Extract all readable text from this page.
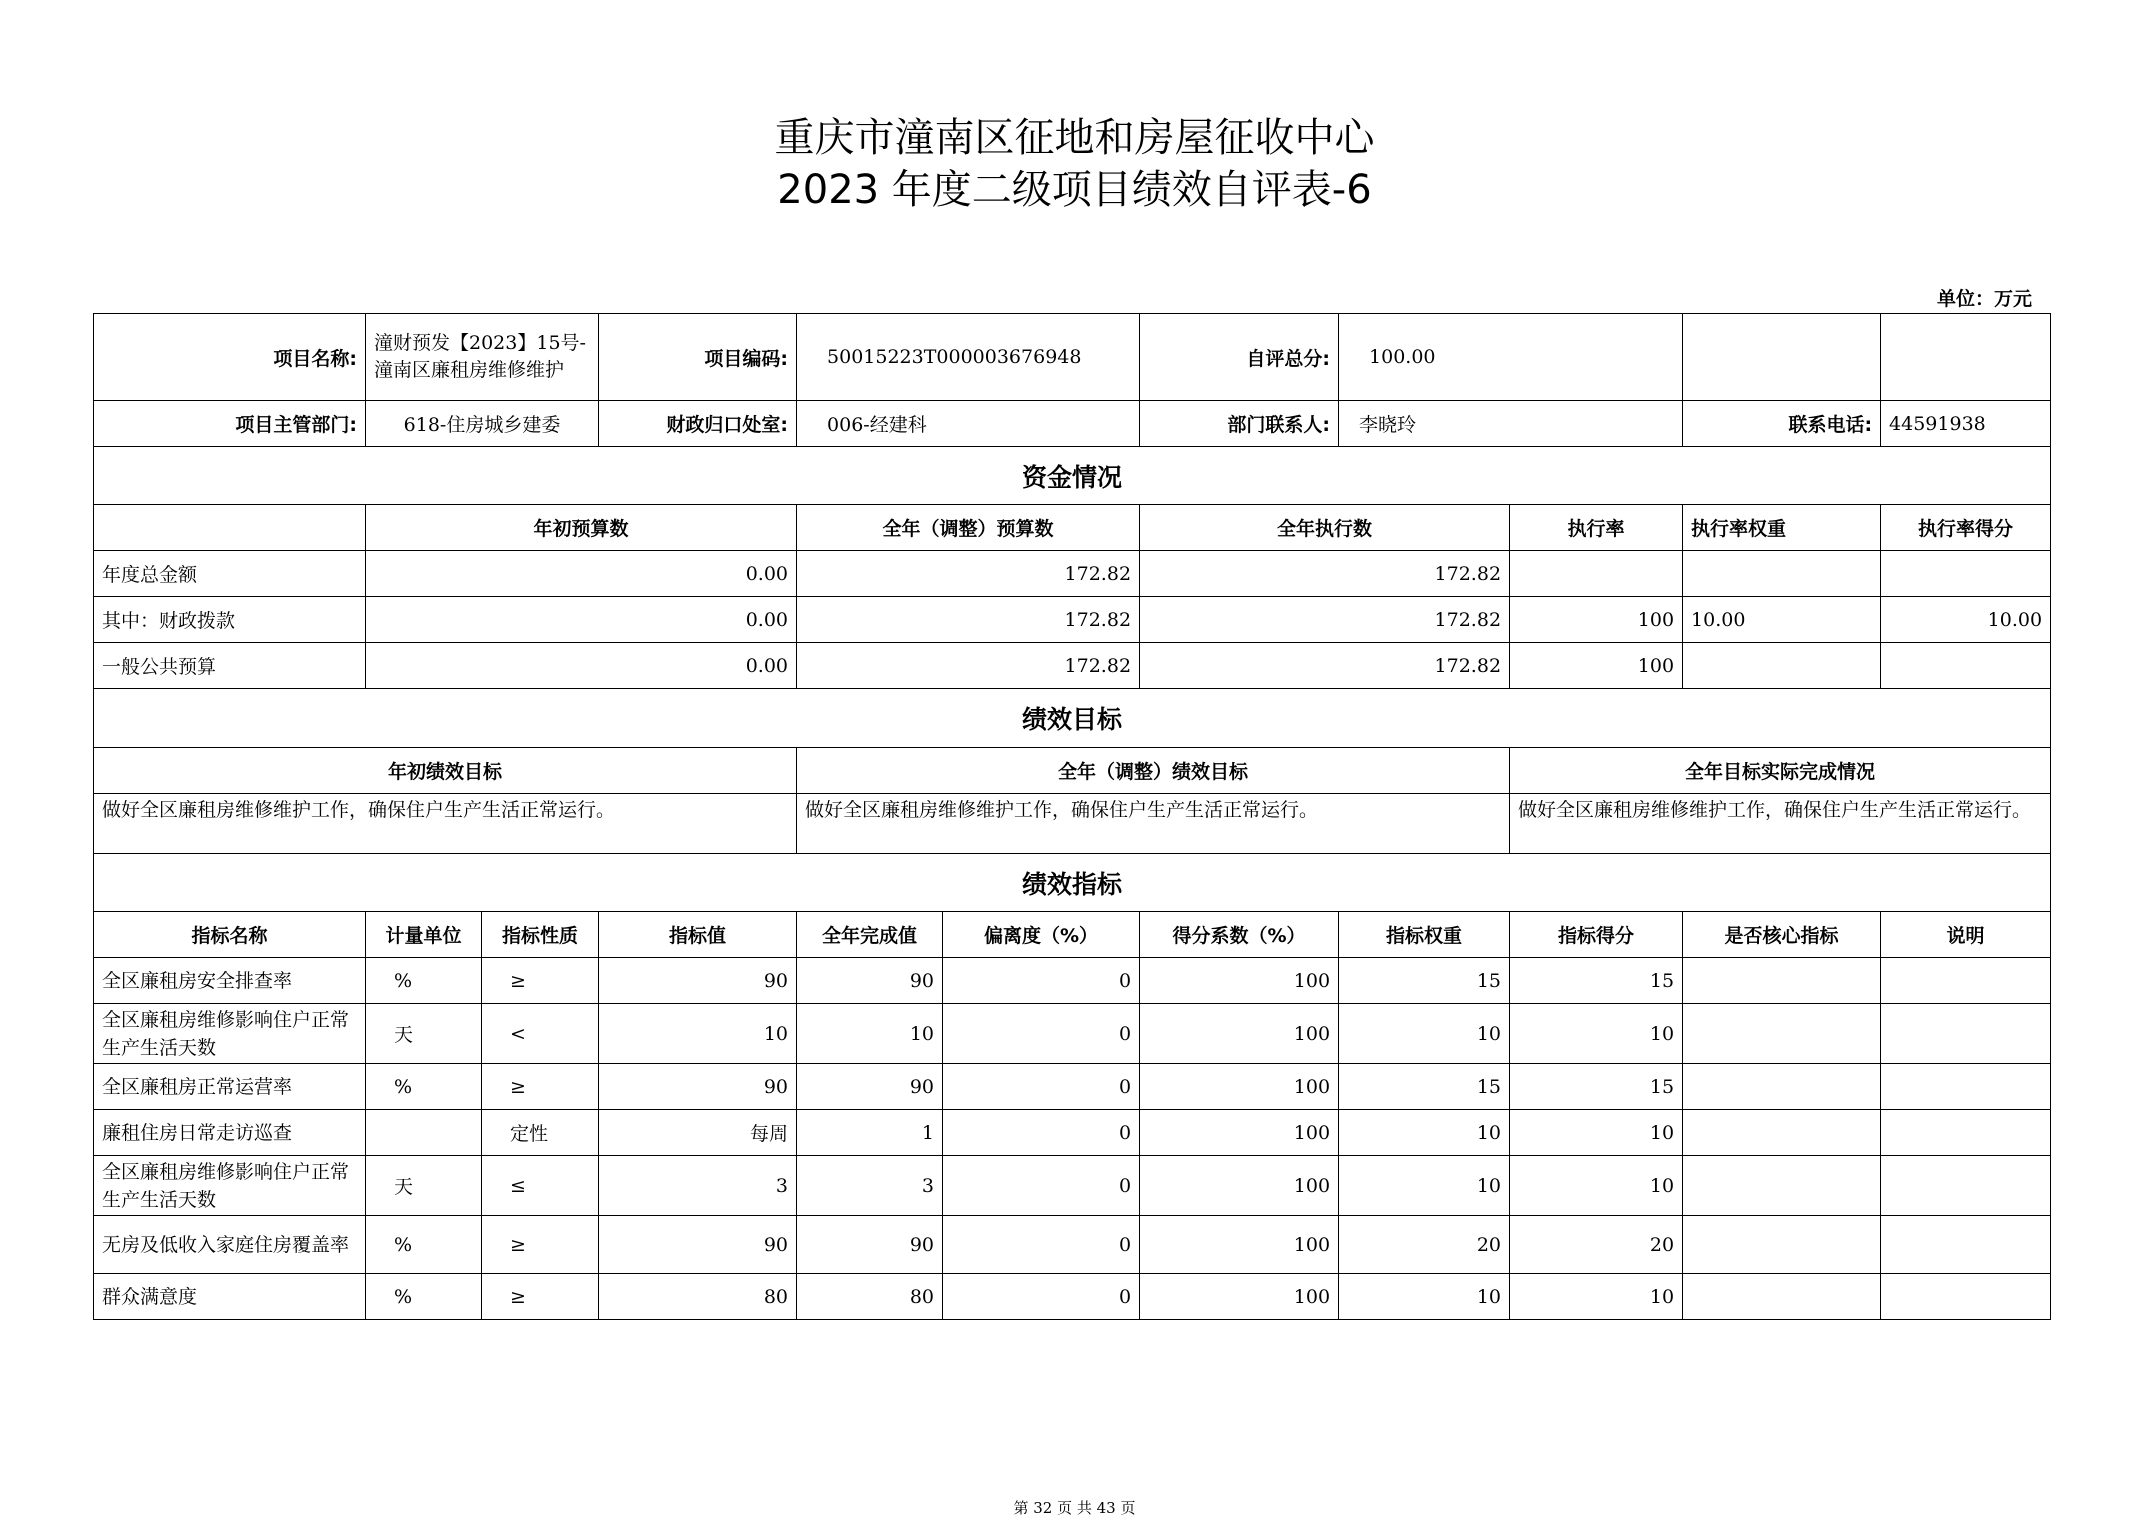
重庆市潼南区征地和房屋征收中心
2023 年度二级项目绩效自评表-6
单位：万元
项目名称:	潼财预发【2023】15号-潼南区廉租房维修维护		项目编码:	50015223T000003676948		自评总分:	100.00			
项目主管部门:	618-住房城乡建委		财政归口处室:	006-经建科		部门联系人:	李晓玲		联系电话:	44591938
资金情况										
	年初预算数			全年（调整）预算数		全年执行数		执行率	执行率权重	执行率得分
年度总金额	0.00			172.82		172.82				
其中：财政拨款	0.00			172.82		172.82		100	10.00	10.00
一般公共预算	0.00			172.82		172.82		100		
绩效目标										
年初绩效目标				全年（调整）绩效目标				全年目标实际完成情况		
做好全区廉租房维修维护工作，确保住户生产生活正常运行。				做好全区廉租房维修维护工作，确保住户生产生活正常运行。				做好全区廉租房维修维护工作，确保住户生产生活正常运行。		
绩效指标										
指标名称	计量单位	指标性质	指标值	全年完成值	偏离度（%）	得分系数（%）	指标权重	指标得分	是否核心指标	说明
全区廉租房安全排查率	%	≥	90	90	0	100	15	15		
全区廉租房维修影响住户正常生产生活天数	天	<	10	10	0	100	10	10		
全区廉租房正常运营率	%	≥	90	90	0	100	15	15		
廉租住房日常走访巡查		定性	每周	1	0	100	10	10		
全区廉租房维修影响住户正常生产生活天数	天	≤	3	3	0	100	10	10		
无房及低收入家庭住房覆盖率	%	≥	90	90	0	100	20	20		
群众满意度	%	≥	80	80	0	100	10	10		
第 32 页 共 43 页
